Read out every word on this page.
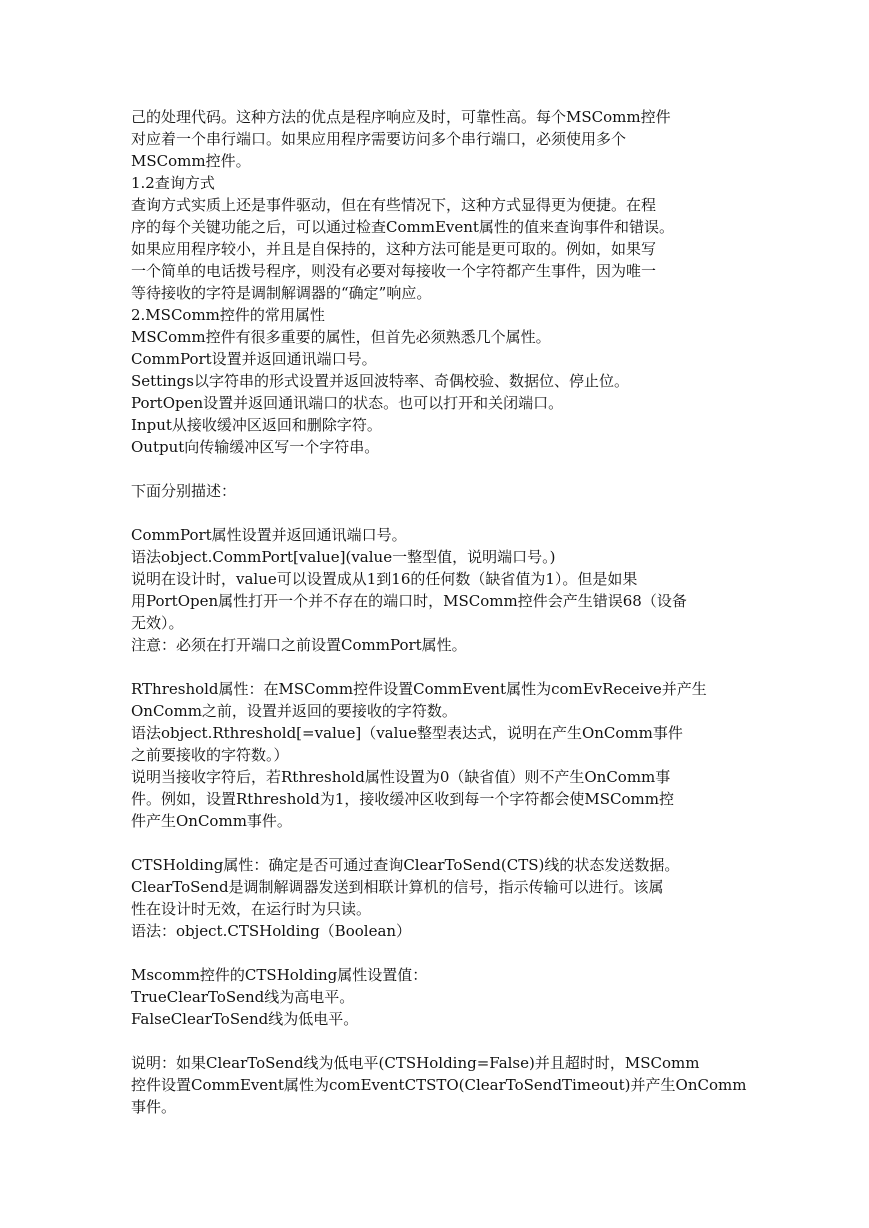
己的处理代码。这种方法的优点是程序响应及时，可靠性高。每个MSComm控件
对应着一个串行端口。如果应用程序需要访问多个串行端口，必须使用多个
MSComm控件。
1.2查询方式
查询方式实质上还是事件驱动，但在有些情况下，这种方式显得更为便捷。在程
序的每个关键功能之后，可以通过检查CommEvent属性的值来查询事件和错误。
如果应用程序较小，并且是自保持的，这种方法可能是更可取的。例如，如果写
一个简单的电话拨号程序，则没有必要对每接收一个字符都产生事件，因为唯一
等待接收的字符是调制解调器的“确定”响应。
2.MSComm控件的常用属性
MSComm控件有很多重要的属性，但首先必须熟悉几个属性。
CommPort设置并返回通讯端口号。
Settings以字符串的形式设置并返回波特率、奇偶校验、数据位、停止位。
PortOpen设置并返回通讯端口的状态。也可以打开和关闭端口。
Input从接收缓冲区返回和删除字符。
Output向传输缓冲区写一个字符串。
下面分别描述：
CommPort属性设置并返回通讯端口号。
语法object.CommPort[value](value一整型值，说明端口号。)
说明在设计时，value可以设置成从1到16的任何数（缺省值为1）。但是如果
用PortOpen属性打开一个并不存在的端口时，MSComm控件会产生错误68（设备
无效）。
注意：必须在打开端口之前设置CommPort属性。
RThreshold属性：在MSComm控件设置CommEvent属性为comEvReceive并产生
OnComm之前，设置并返回的要接收的字符数。
语法object.Rthreshold[=value]（value整型表达式，说明在产生OnComm事件
之前要接收的字符数。）
说明当接收字符后，若Rthreshold属性设置为0（缺省值）则不产生OnComm事
件。例如，设置Rthreshold为1，接收缓冲区收到每一个字符都会使MSComm控
件产生OnComm事件。
CTSHolding属性：确定是否可通过查询ClearToSend(CTS)线的状态发送数据。
ClearToSend是调制解调器发送到相联计算机的信号，指示传输可以进行。该属
性在设计时无效，在运行时为只读。
语法：object.CTSHolding（Boolean）
Mscomm控件的CTSHolding属性设置值：
TrueClearToSend线为高电平。
FalseClearToSend线为低电平。
说明：如果ClearToSend线为低电平(CTSHolding=False)并且超时时，MSComm
控件设置CommEvent属性为comEventCTSTO(ClearToSendTimeout)并产生OnComm
事件。
